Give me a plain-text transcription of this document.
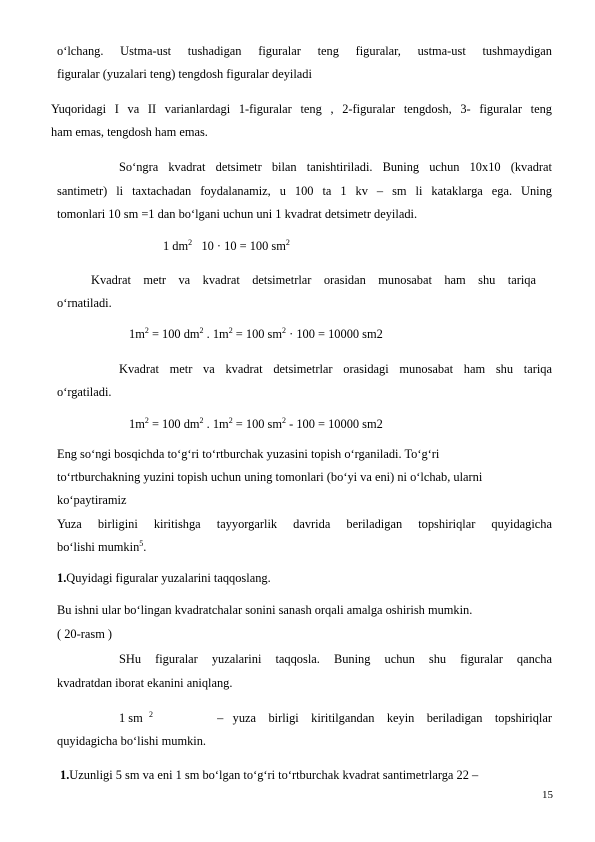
o‘lchang. Ustma-ust tushadigan figuralar teng figuralar, ustma-ust tushmaydigan
figuralar (yuzalari teng) tengdosh figuralar deyiladi
Yuqoridagi I va II varianlardagi 1-figuralar teng , 2-figuralar tengdosh, 3- figuralar teng
ham emas, tengdosh ham emas.
So‘ngra kvadrat detsimetr bilan tanishtiriladi. Buning uchun 10x10 (kvadrat
santimetr) li taxtachadan foydalanamiz, u 100 ta 1 kv – sm li kataklarga ega. Uning
tomonlari 10 sm =1 dan bo‘lgani uchun uni 1 kvadrat detsimetr deyiladi.
1 $dm^2$ 10 · 10 = 100 $sm^2$
Kvadrat metr va kvadrat detsimetrlar orasidan munosabat ham shu tariqa
o‘rnatiladi.
$1m^2 = 100$ $dm^2$ . $1m^2 = 100$ $sm^2 \cdot 100 = 10000$ sm2
Kvadrat metr va kvadrat detsimetrlar orasidagi munosabat ham shu tariqa
o‘rgatiladi.
$1m^2 = 100$ $dm^2$ . $1m^2 = 100$ $sm^2 - 100 = 10000$ sm2
Eng so‘ngi bosqichda to‘g‘ri to‘rtburchak yuzasini topish o‘rganiladi. To‘g‘ri
to‘rtburchakning yuzini topish uchun uning tomonlari (bo‘yi va eni) ni o‘lchab, ularni
ko‘paytiramiz
Yuza birligini kiritishga tayyorgarlik davrida beriladigan topshiriqlar quyidagicha
bo‘lishi mumkin$^5$.
1.Quyidagi figuralar yuzalarini taqqoslang.
Bu ishni ular bo‘lingan kvadratchalar sonini sanash orqali amalga oshirish mumkin.
( 20-rasm )
SHu figuralar yuzalarini taqqosla. Buning uchun shu figuralar qancha
kvadratdan iborat ekanini aniqlang.
1 sm $^2$	–   yuza    birligi    kiritilgandan    keyin    beriladigan    topshiriqlar
quyidagicha bo‘lishi mumkin.
1.Uzunligi 5 sm va eni 1 sm bo‘lgan to‘g‘ri to‘rtburchak kvadrat santimetrlarga 22 –
15
